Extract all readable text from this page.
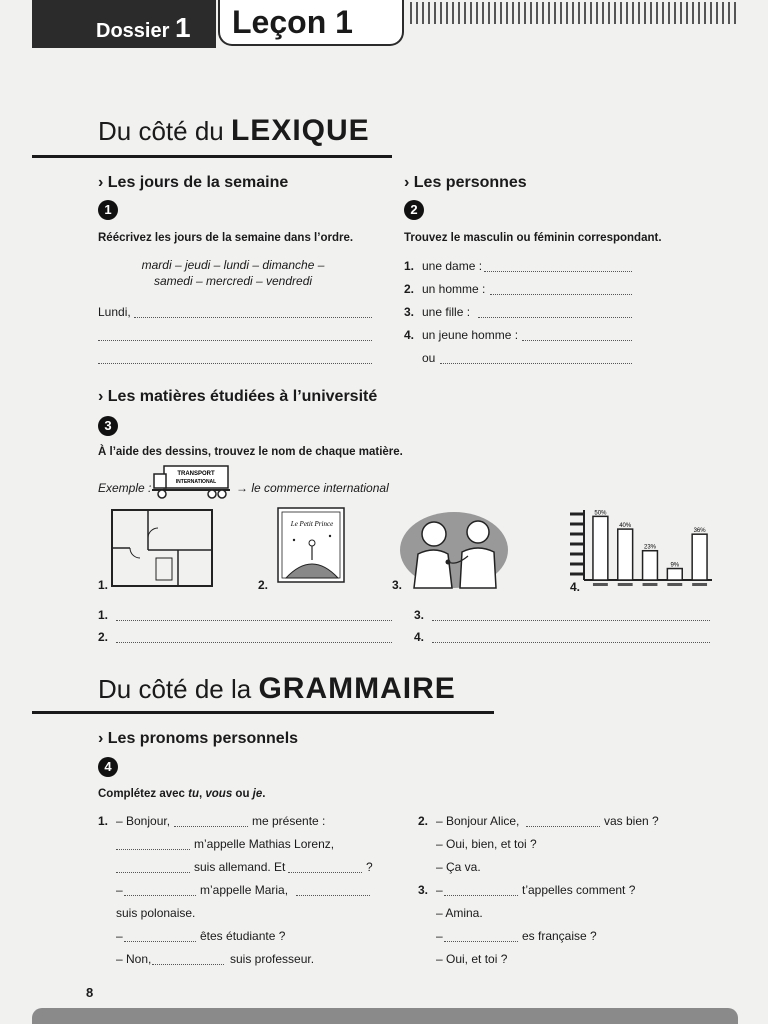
Dossier 1 Leçon 1
Du côté du LEXIQUE
› Les jours de la semaine
1
Réécrivez les jours de la semaine dans l’ordre.
mardi – jeudi – lundi – dimanche –
samedi – mercredi – vendredi
Lundi,
› Les personnes
2
Trouvez le masculin ou féminin correspondant.
1. une dame :
2. un homme :
3. une fille :
4. un jeune homme :
ou
› Les matières étudiées à l’université
3
À l’aide des dessins, trouvez le nom de chaque matière.
Exemple :
TRANSPORT
INTERNATIONAL → le commerce international
1.
Le Petit Prince
2.	3.
50%
40%
23%
9%
36%
4.
1.
2.
3.
4.
Du côté de la GRAMMAIRE
› Les pronoms personnels
4
Complétez avec tu, vous ou je.
1. – Bonjour,	me présente :
m’appelle Mathias Lorenz,
suis allemand. Et	?
–	m’appelle Maria,
suis polonaise.
–	êtes étudiante ?
– Non,	suis professeur.
2. – Bonjour Alice,	vas bien ?
– Oui, bien, et toi ?
– Ça va.
3. –	t’appelles comment ?
– Amina.
–	es française ?
– Oui, et toi ?
8
